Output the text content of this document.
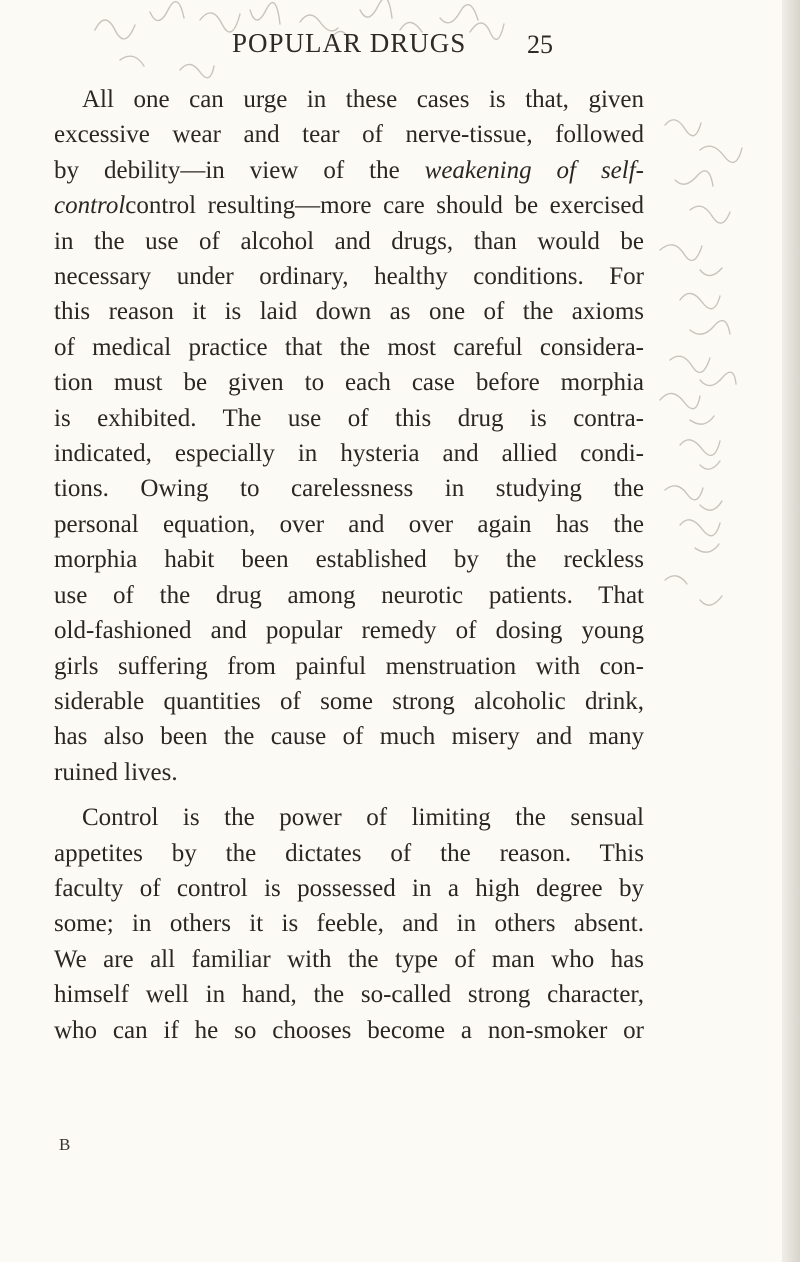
POPULAR DRUGS 25

All one can urge in these cases is that, given
excessive wear and tear of nerve-tissue, followed
by debility—in view of the weakening of self-
controlcontrol resulting—more care should be exercised
in the use of alcohol and drugs, than would be
necessary under ordinary, healthy conditions. For
this reason it is laid down as one of the axioms
of medical practice that the most careful considera-
tion must be given to each case before morphia
is exhibited. The use of this drug is contra-
indicated, especially in hysteria and allied condi-
tions. Owing to carelessness in studying the
personal equation, over and over again has the
morphia habit been established by the reckless
use of the drug among neurotic patients. That
old-fashioned and popular remedy of dosing young
girls suffering from painful menstruation with con-
siderable quantities of some strong alcoholic drink,
has also been the cause of much misery and many
ruined lives.

Control is the power of limiting the sensual
appetites by the dictates of the reason. This
faculty of control is possessed in a high degree by
some; in others it is feeble, and in others absent.
We are all familiar with the type of man who has
himself well in hand, the so-called strong character,
who can if he so chooses become a non-smoker or

B
